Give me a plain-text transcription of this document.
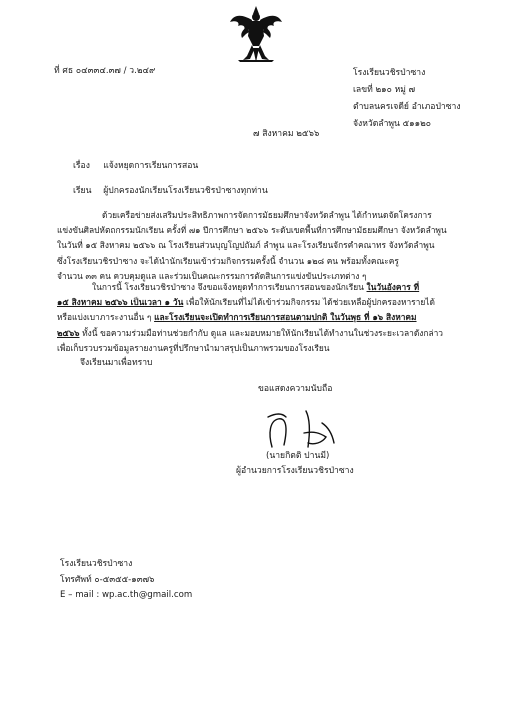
ที่ ศธ ๐๔๓๓๔.๓๗ / ว.๒๔๙	โรงเรียนวชิรป่าซาง
เลขที่ ๒๑๐ หมู่ ๗
ตำบลนครเจดีย์ อำเภอป่าซาง
จังหวัดลำพูน ๕๑๑๒๐
๗ สิงหาคม ๒๕๖๖
เรื่อง แจ้งหยุดการเรียนการสอน
เรียน ผู้ปกครองนักเรียนโรงเรียนวชิรป่าซางทุกท่าน
ด้วยเครือข่ายส่งเสริมประสิทธิภาพการจัดการมัธยมศึกษาจังหวัดลำพูน ได้กำหนดจัดโครงการ
แข่งขันศิลปหัตถกรรมนักเรียน ครั้งที่ ๗๑ ปีการศึกษา ๒๕๖๖ ระดับเขตพื้นที่การศึกษามัธยมศึกษา จังหวัดลำพูน
ในวันที่ ๑๕ สิงหาคม ๒๕๖๖ ณ โรงเรียนส่วนบุญโญปถัมภ์ ลำพูน และโรงเรียนจักรคำคณาทร จังหวัดลำพูน
ซึ่งโรงเรียนวชิรป่าซาง จะได้นำนักเรียนเข้าร่วมกิจกรรมครั้งนี้ จำนวน ๑๒๘ คน พร้อมทั้งคณะครู
จำนวน ๓๓ คน ควบคุมดูแล และร่วมเป็นคณะกรรมการตัดสินการแข่งขันประเภทต่าง ๆ
ในการนี้ โรงเรียนวชิรป่าซาง จึงขอแจ้งหยุดทำการเรียนการสอนของนักเรียน ในวันอังคาร ที่
๑๕ สิงหาคม ๒๕๖๖ เป็นเวลา ๑ วัน เพื่อให้นักเรียนที่ไม่ได้เข้าร่วมกิจกรรม ได้ช่วยเหลือผู้ปกครองหารายได้
หรือแบ่งเบาภาระงานอื่น ๆ และโรงเรียนจะเปิดทำการเรียนการสอนตามปกติ ในวันพุธ ที่ ๑๖ สิงหาคม
๒๕๖๖ ทั้งนี้ ขอความร่วมมือท่านช่วยกำกับ ดูแล และมอบหมายให้นักเรียนได้ทำงานในช่วงระยะเวลาดังกล่าว
เพื่อเก็บรวบรวมข้อมูลรายงานครูที่ปรึกษานำมาสรุปเป็นภาพรวมของโรงเรียน
จึงเรียนมาเพื่อทราบ
ขอแสดงความนับถือ
(นายกิตติ ปานมี)
ผู้อำนวยการโรงเรียนวชิรป่าซาง
โรงเรียนวชิรป่าซาง
โทรศัพท์ ๐-๕๓๕๕-๑๓๗๖
E – mail : wp.ac.th@gmail.com
